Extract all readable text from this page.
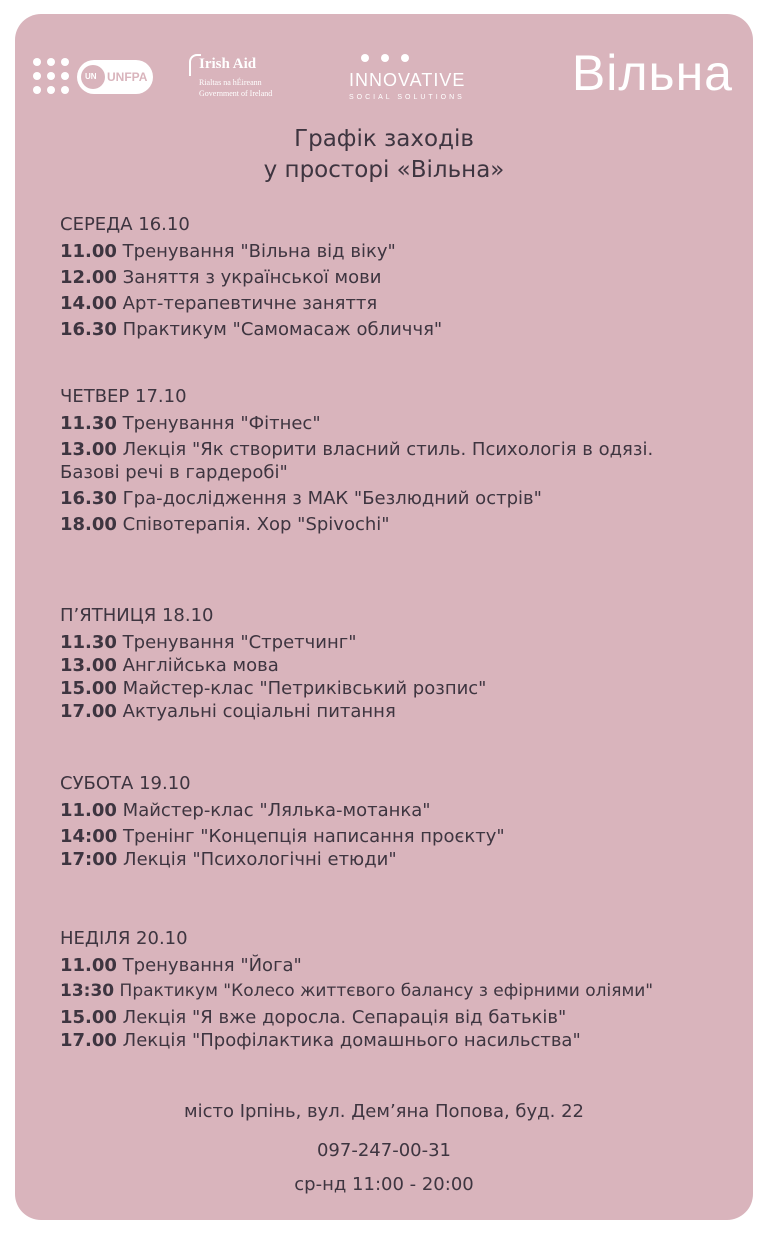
UN
UNFPA
Irish Aid
Rialtas na hÉireann
Government of Ireland
INNOVATIVE
SOCIAL SOLUTIONS Вільна
Графік заходів
у просторі «Вільна»
СЕРЕДА 16.10
11.00 Тренування "Вільна від віку"
12.00 Заняття з української мови
14.00 Арт-терапевтичне заняття
16.30 Практикум "Самомасаж обличчя"
ЧЕТВЕР 17.10
11.30 Тренування "Фітнес"
13.00 Лекція "Як створити власний стиль. Психологія в одязі. Базові речі в гардеробі"
16.30 Гра-дослідження з МАК "Безлюдний острів"
18.00 Співотерапія. Хор "Spivochi"
П’ЯТНИЦЯ 18.10
11.30 Тренування "Стретчинг"
13.00 Англійська мова
15.00 Майстер-клас "Петриківський розпис"
17.00 Актуальні соціальні питання
СУБОТА 19.10
11.00 Майстер-клас "Лялька-мотанка"
14:00 Тренінг "Концепція написання проєкту"
17:00 Лекція "Психологічні етюди"
НЕДІЛЯ 20.10
11.00 Тренування "Йога"
13:30 Практикум "Колесо життєвого балансу з ефірними оліями"
15.00 Лекція "Я вже доросла. Сепарація від батьків"
17.00 Лекція "Профілактика домашнього насильства"
місто Ірпінь, вул. Дем’яна Попова, буд. 22
097-247-00-31
ср-нд 11:00 - 20:00
